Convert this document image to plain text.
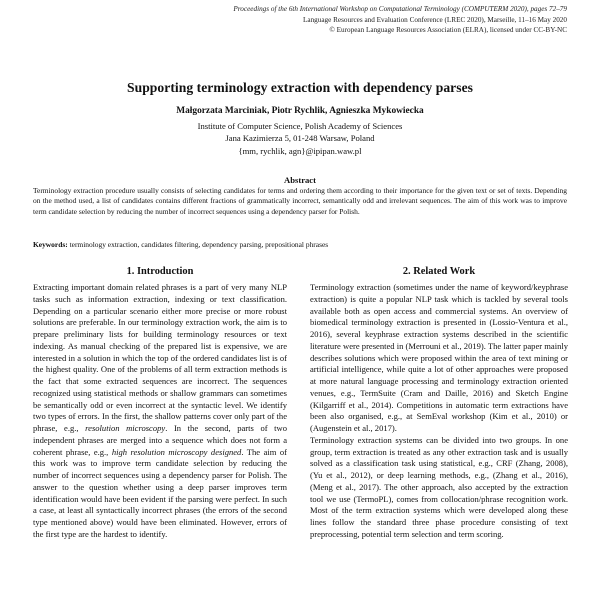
Proceedings of the 6th International Workshop on Computational Terminology (COMPUTERM 2020), pages 72–79
Language Resources and Evaluation Conference (LREC 2020), Marseille, 11–16 May 2020
© European Language Resources Association (ELRA), licensed under CC-BY-NC
Supporting terminology extraction with dependency parses
Małgorzata Marciniak, Piotr Rychlik, Agnieszka Mykowiecka
Institute of Computer Science, Polish Academy of Sciences
Jana Kazimierza 5, 01-248 Warsaw, Poland
{mm, rychlik, agn}@ipipan.waw.pl
Abstract
Terminology extraction procedure usually consists of selecting candidates for terms and ordering them according to their importance for the given text or set of texts. Depending on the method used, a list of candidates contains different fractions of grammatically incorrect, semantically odd and irrelevant sequences. The aim of this work was to improve term candidate selection by reducing the number of incorrect sequences using a dependency parser for Polish.
Keywords: terminology extraction, candidates filtering, dependency parsing, prepositional phrases
1. Introduction	2. Related Work

Extracting important domain related phrases is a part of very many NLP tasks such as information extraction, indexing or text classification. Depending on a particular scenario either more precise or more robust solutions are preferable. In our terminology extraction work, the aim is to prepare preliminary lists for building terminology resources or text indexing. As manual checking of the prepared list is expensive, we are interested in a solution in which the top of the ordered candidates list is of the highest quality. One of the problems of all term extraction methods is the fact that some extracted sequences are incorrect. The sequences recognized using statistical methods or shallow grammars can sometimes be semantically odd or even incorrect at the syntactic level. We identify two types of errors. In the first, the shallow patterns cover only part of the phrase, e.g., resolution microscopy. In the second, parts of two independent phrases are merged into a sequence which does not form a coherent phrase, e.g., high resolution microscopy designed. The aim of this work was to improve term candidate selection by reducing the number of incorrect sequences using a dependency parser for Polish. The answer to the question whether using a deep parser improves term identification would have been evident if the parsing were perfect. In such a case, at least all syntactically incorrect phrases (the errors of the second type mentioned above) would have been eliminated. However, errors of the first type are the hardest to identify.

Terminology extraction (sometimes under the name of keyword/keyphrase extraction) is quite a popular NLP task which is tackled by several tools available both as open access and commercial systems. An overview of biomedical terminology extraction is presented in (Lossio-Ventura et al., 2016), several keyphrase extraction systems described in the scientific literature were presented in (Merrouni et al., 2019). The latter paper mainly describes solutions which were proposed within the area of text mining or artificial intelligence, while quite a lot of other approaches were proposed at more natural language processing and terminology extraction oriented venues, e.g., TermSuite (Cram and Daille, 2016) and Sketch Engine (Kilgarriff et al., 2014). Competitions in automatic term extractions have been also organised, e.g., at SemEval workshop (Kim et al., 2010) or (Augenstein et al., 2017).

Terminology extraction systems can be divided into two groups. In one group, term extraction is treated as any other extraction task and is usually solved as a classification task using statistical, e.g., CRF (Zhang, 2008), (Yu et al., 2012), or deep learning methods, e.g., (Zhang et al., 2016), (Meng et al., 2017). The other approach, also accepted by the extraction tool we use (TermoPL), comes from collocation/phrase recognition work. Most of the term extraction systems which were developed along these lines follow the standard three phase procedure consisting of text preprocessing, potential term selection and term scoring.
